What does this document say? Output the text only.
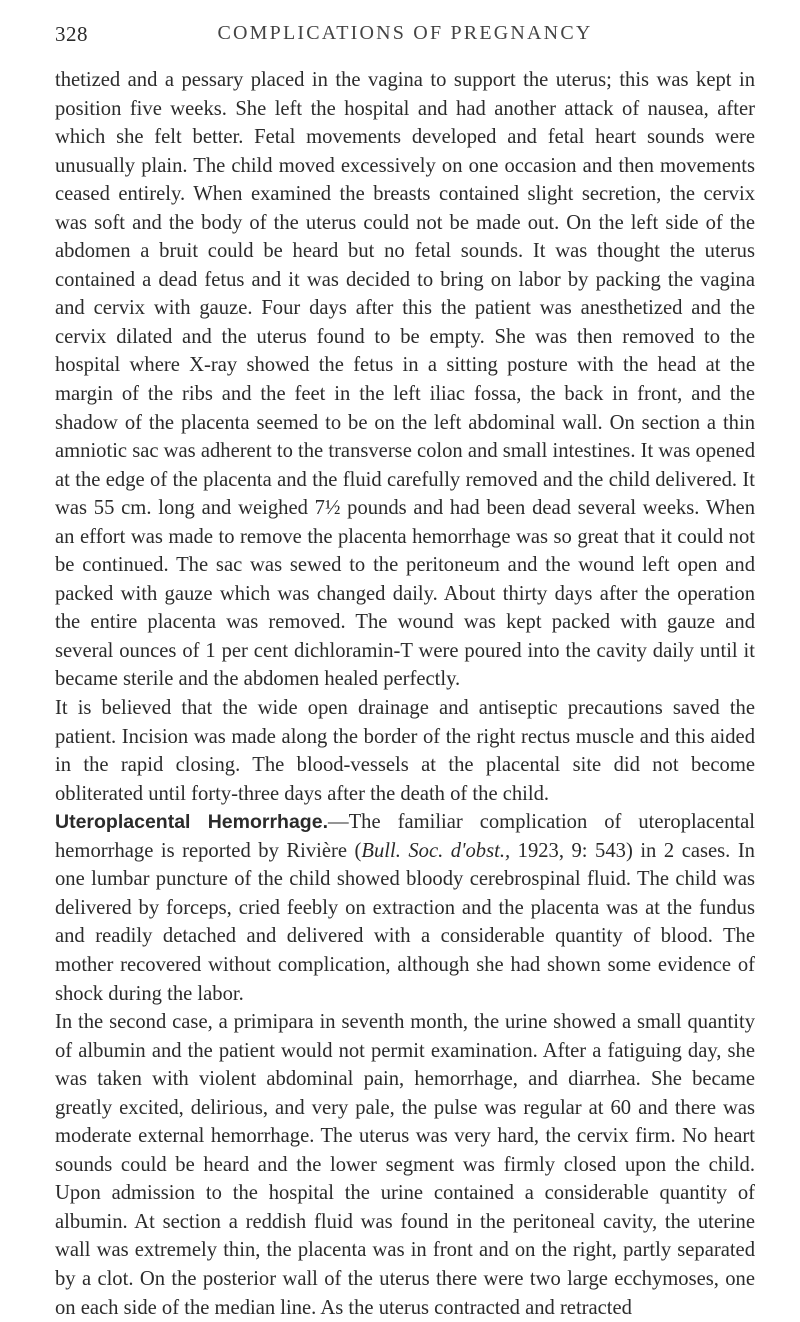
328	COMPLICATIONS OF PREGNANCY

thetized and a pessary placed in the vagina to support the uterus; this was kept in position five weeks. She left the hospital and had another attack of nausea, after which she felt better. Fetal movements developed and fetal heart sounds were unusually plain. The child moved excessively on one occasion and then movements ceased entirely. When examined the breasts contained slight secretion, the cervix was soft and the body of the uterus could not be made out. On the left side of the abdomen a bruit could be heard but no fetal sounds. It was thought the uterus contained a dead fetus and it was decided to bring on labor by packing the vagina and cervix with gauze. Four days after this the patient was anesthetized and the cervix dilated and the uterus found to be empty. She was then removed to the hospital where X-ray showed the fetus in a sitting posture with the head at the margin of the ribs and the feet in the left iliac fossa, the back in front, and the shadow of the placenta seemed to be on the left abdominal wall. On section a thin amniotic sac was adherent to the transverse colon and small intestines. It was opened at the edge of the placenta and the fluid carefully removed and the child delivered. It was 55 cm. long and weighed 7½ pounds and had been dead several weeks. When an effort was made to remove the placenta hemorrhage was so great that it could not be continued. The sac was sewed to the peritoneum and the wound left open and packed with gauze which was changed daily. About thirty days after the operation the entire placenta was removed. The wound was kept packed with gauze and several ounces of 1 per cent dichloramin-T were poured into the cavity daily until it became sterile and the abdomen healed perfectly.

It is believed that the wide open drainage and antiseptic precautions saved the patient. Incision was made along the border of the right rectus muscle and this aided in the rapid closing. The blood-vessels at the placental site did not become obliterated until forty-three days after the death of the child.

Uteroplacental Hemorrhage.—The familiar complication of uteroplacental hemorrhage is reported by Rivière (Bull. Soc. d'obst., 1923, 9: 543) in 2 cases. In one lumbar puncture of the child showed bloody cerebrospinal fluid. The child was delivered by forceps, cried feebly on extraction and the placenta was at the fundus and readily detached and delivered with a considerable quantity of blood. The mother recovered without complication, although she had shown some evidence of shock during the labor.

In the second case, a primipara in seventh month, the urine showed a small quantity of albumin and the patient would not permit examination. After a fatiguing day, she was taken with violent abdominal pain, hemorrhage, and diarrhea. She became greatly excited, delirious, and very pale, the pulse was regular at 60 and there was moderate external hemorrhage. The uterus was very hard, the cervix firm. No heart sounds could be heard and the lower segment was firmly closed upon the child. Upon admission to the hospital the urine contained a considerable quantity of albumin. At section a reddish fluid was found in the peritoneal cavity, the uterine wall was extremely thin, the placenta was in front and on the right, partly separated by a clot. On the posterior wall of the uterus there were two large ecchymoses, one on each side of the median line. As the uterus contracted and retracted
